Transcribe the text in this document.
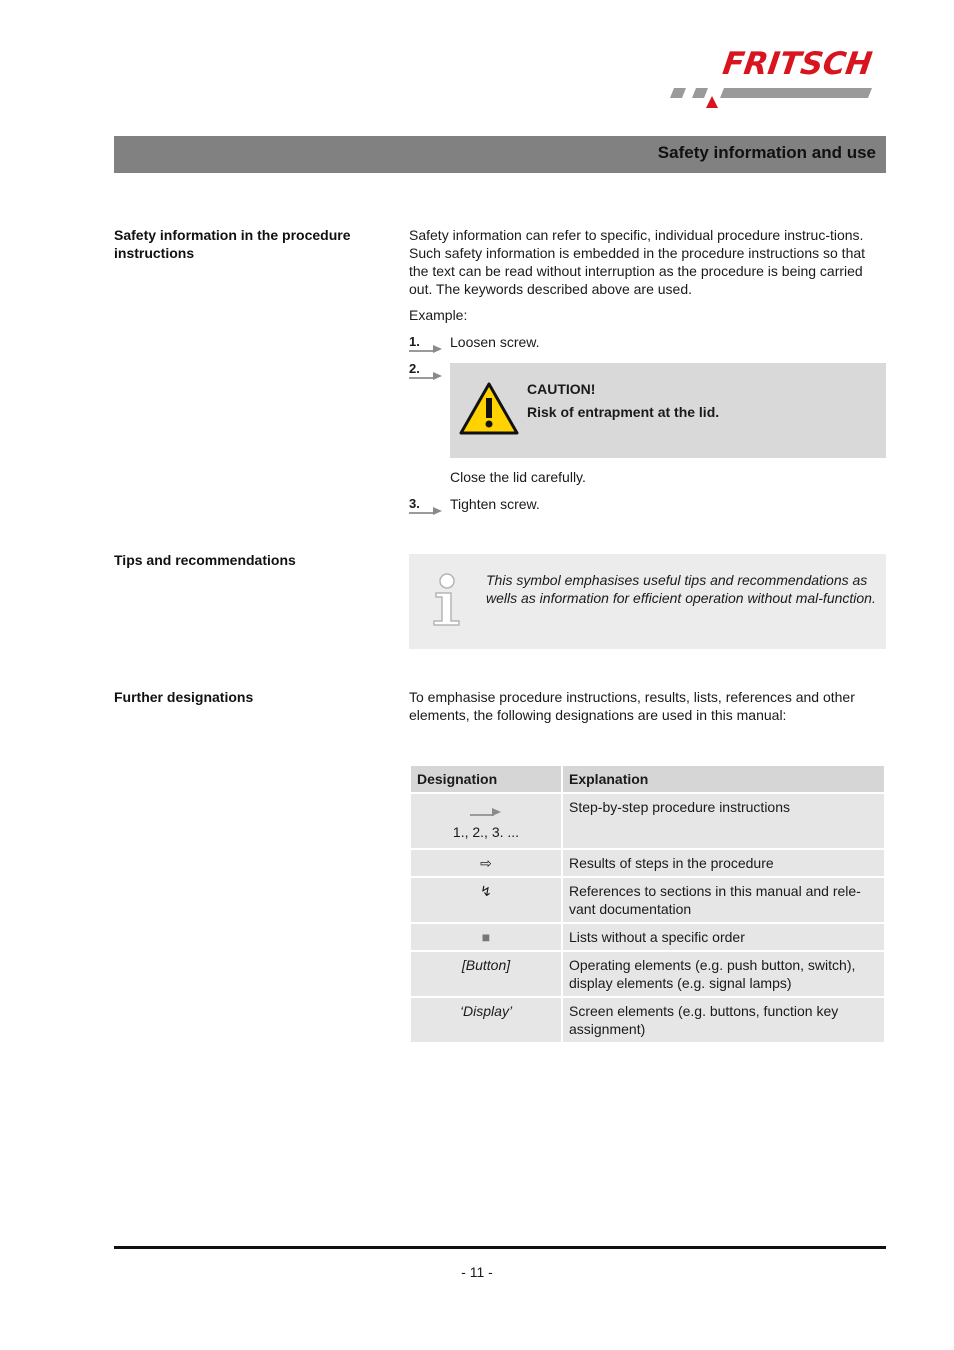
FRITSCH
Safety information and use
Safety information in the procedure instructions
Safety information can refer to specific, individual procedure instruc-tions. Such safety information is embedded in the procedure instructions so that the text can be read without interruption as the procedure is being carried out. The keywords described above are used.
Example:
1.	Loosen screw.
2.
CAUTION!
Risk of entrapment at the lid.
Close the lid carefully.
3.	Tighten screw.
Tips and recommendations
This symbol emphasises useful tips and recommendations as wells as information for efficient operation without mal-function.
Further designations	To emphasise procedure instructions, results, lists, references and other elements, the following designations are used in this manual:
Designation	Explanation

1., 2., 3. ...	Step-by-step procedure instructions
⇨	Results of steps in the procedure
↯	References to sections in this manual and rele-vant documentation
■	Lists without a specific order
[Button]	Operating elements (e.g. push button, switch), display elements (e.g. signal lamps)
‘Display’	Screen elements (e.g. buttons, function key assignment)
- 11 -
